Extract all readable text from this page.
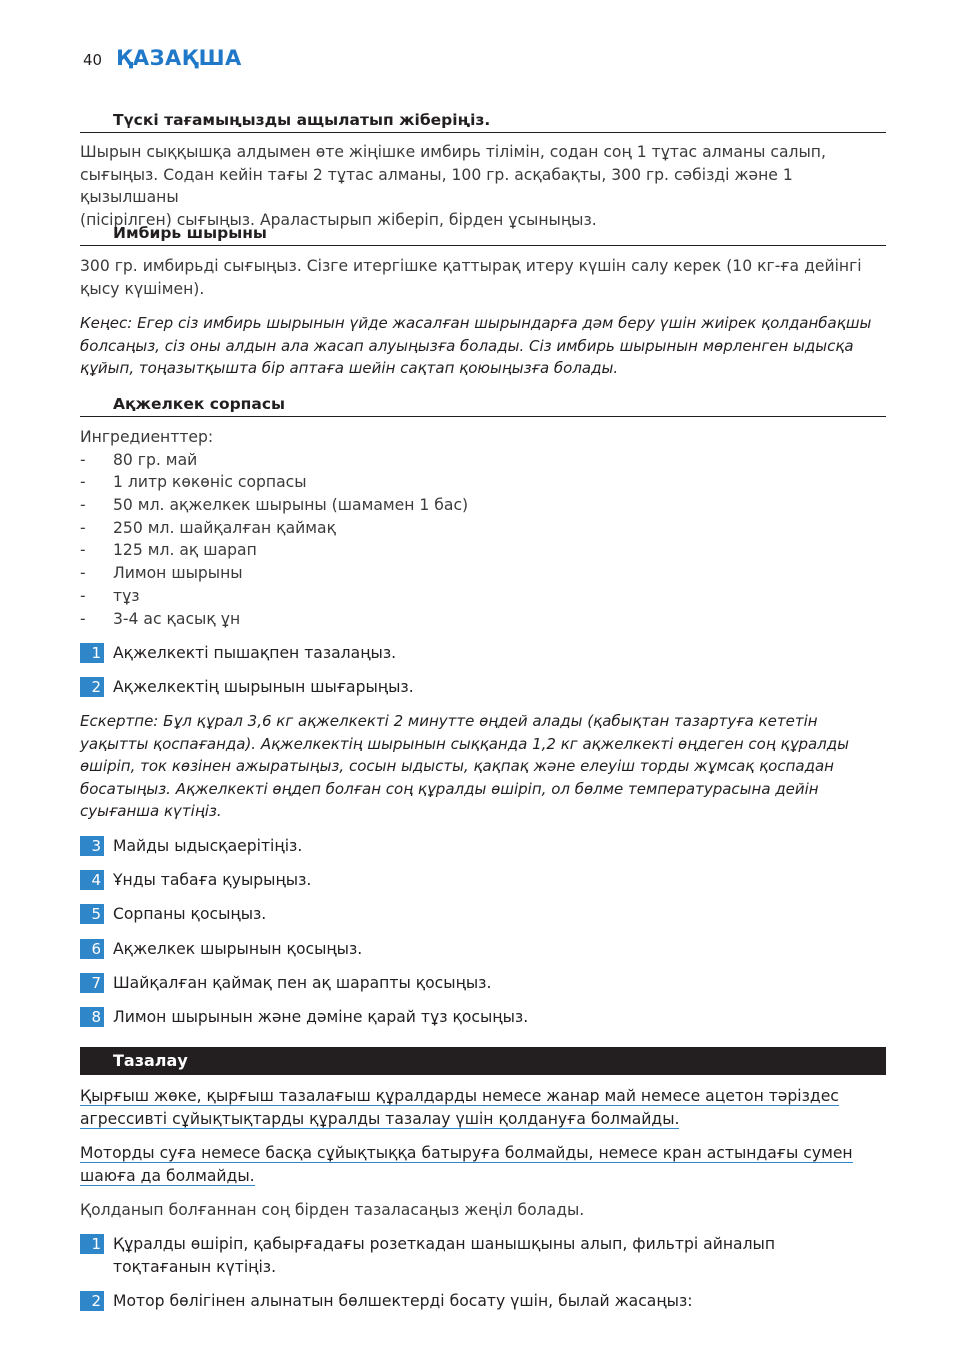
40 ҚАЗАҚША
Түскі тағамыңызды ащылатып жіберіңіз.
Шырын сыққышқа алдымен өте жіңішке имбирь тілімін, содан соң 1 тұтас алманы салып,
сығыңыз. Содан кейін тағы 2 тұтас алманы, 100 гр. асқабақты, 300 гр. сәбізді және 1 қызылшаны
(пісірілген) сығыңыз. Араластырып жіберіп, бірден ұсыныңыз.
Имбирь шырыны
300 гр. имбирьді сығыңыз. Сізге итергішке қаттырақ итеру күшін салу керек (10 кг-ға дейінгі
қысу күшімен).
Кеңес: Егер сіз имбирь шырынын үйде жасалған шырындарға дәм беру үшін жиірек қолданбақшы
болсаңыз, сіз оны алдын ала жасап алуыңызға болады. Сіз имбирь шырынын мөрленген ыдысқа
құйып, тоңазытқышта бір аптаға шейін сақтап қоюыңызға болады.
Ақжелкек сорпасы
Ингредиенттер:
- 80 гр. май
- 1 литр көкөніс сорпасы
- 50 мл. ақжелкек шырыны (шамамен 1 бас)
- 250 мл. шайқалған қаймақ
- 125 мл. ақ шарап
- Лимон шырыны
- тұз
- 3-4 ас қасық ұн
1 Ақжелкекті пышақпен тазалаңыз.
2 Ақжелкектің шырынын шығарыңыз.
Ескертпе: Бұл құрал 3,6 кг ақжелкекті 2 минутте өңдей алады (қабықтан тазартуға кететін
уақытты қоспағанда). Ақжелкектің шырынын сыққанда 1,2 кг ақжелкекті өңдеген соң құралды
өшіріп, ток көзінен ажыратыңыз, сосын ыдысты, қақпақ және елеуіш торды жұмсақ қоспадан
босатыңыз. Ақжелкекті өңдеп болған соң құралды өшіріп, ол бөлме температурасына дейін
суығанша күтіңіз.
3 Майды ыдысқаерітіңіз.
4 Ұнды табаға қуырыңыз.
5 Сорпаны қосыңыз.
6 Ақжелкек шырынын қосыңыз.
7 Шайқалған қаймақ пен ақ шарапты қосыңыз.
8 Лимон шырынын және дәміне қарай тұз қосыңыз.
Тазалау
Қырғыш жөке, қырғыш тазалағыш құралдарды немесе жанар май немесе ацетон тәріздес
агрессивті сұйықтықтарды құралды тазалау үшін қолдануға болмайды.
Моторды суға немесе басқа сұйықтыққа батыруға болмайды, немесе кран астындағы сумен
шаюға да болмайды.
Қолданып болғаннан соң бірден тазаласаңыз жеңіл болады.
1 Құралды өшіріп, қабырғадағы розеткадан шанышқыны алып, фильтрі айналып
тоқтағанын күтіңіз.
2 Мотор бөлігінен алынатын бөлшектерді босату үшін, былай жасаңыз:
